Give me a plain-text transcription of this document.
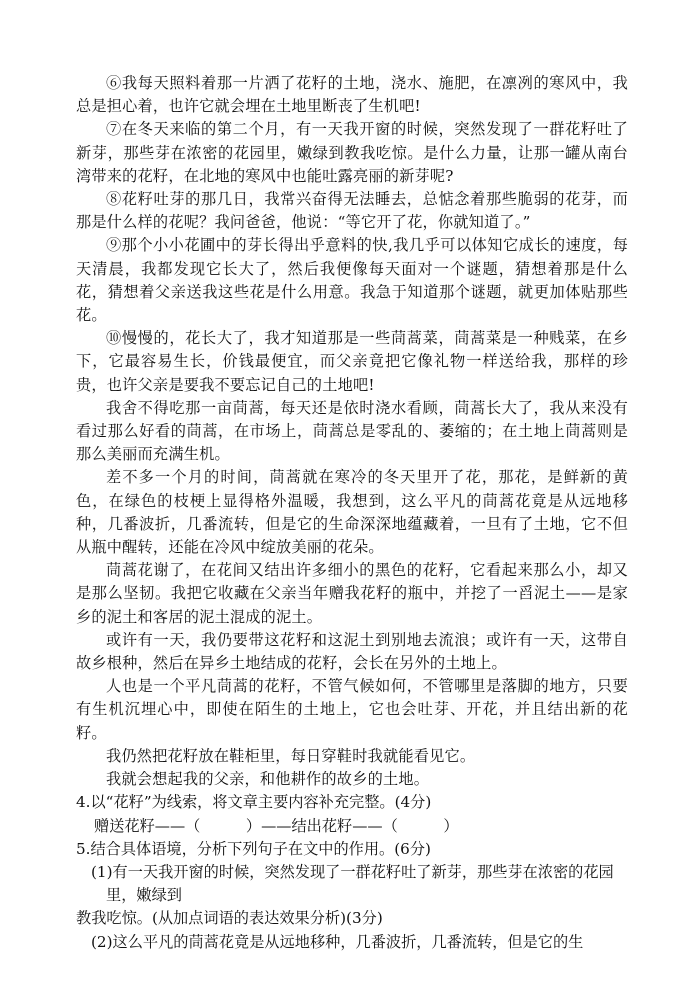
⑥我每天照料着那一片洒了花籽的土地，浇水、施肥，在凛冽的寒风中，我总是担心着，也许它就会埋在土地里断丧了生机吧!

⑦在冬天来临的第二个月，有一天我开窗的时候，突然发现了一群花籽吐了新芽，那些芽在浓密的花园里，嫩绿到教我吃惊。是什么力量，让那一罐从南台湾带来的花籽，在北地的寒风中也能吐露亮丽的新芽呢?

⑧花籽吐芽的那几日，我常兴奋得无法睡去，总惦念着那些脆弱的花芽，而那是什么样的花呢？我问爸爸，他说：“等它开了花，你就知道了。”

⑨那个小小花圃中的芽长得出乎意料的快,我几乎可以体知它成长的速度，每天清晨，我都发现它长大了，然后我便像每天面对一个谜题，猜想着那是什么花，猜想着父亲送我这些花是什么用意。我急于知道那个谜题，就更加体贴那些花。

⑩慢慢的，花长大了，我才知道那是一些茼蒿菜，茼蒿菜是一种贱菜，在乡下，它最容易生长，价钱最便宜，而父亲竟把它像礼物一样送给我，那样的珍贵，也许父亲是要我不要忘记自己的土地吧!

我舍不得吃那一亩茼蒿，每天还是依时浇水看顾，茼蒿长大了，我从来没有看过那么好看的茼蒿，在市场上，茼蒿总是零乱的、萎缩的；在土地上茼蒿则是那么美丽而充满生机。

差不多一个月的时间，茼蒿就在寒冷的冬天里开了花，那花，是鲜新的黄色，在绿色的枝梗上显得格外温暖，我想到，这么平凡的茼蒿花竟是从远地移种，几番波折，几番流转，但是它的生命深深地蕴藏着，一旦有了土地，它不但从瓶中醒转，还能在冷风中绽放美丽的花朵。

茼蒿花谢了，在花间又结出许多细小的黑色的花籽，它看起来那么小，却又是那么坚韧。我把它收藏在父亲当年赠我花籽的瓶中，并挖了一舀泥土——是家乡的泥土和客居的泥土混成的泥土。

或许有一天，我仍要带这花籽和这泥土到别地去流浪；或许有一天，这带自故乡根种，然后在异乡土地结成的花籽，会长在另外的土地上。

人也是一个平凡茼蒿的花籽，不管气候如何，不管哪里是落脚的地方，只要有生机沉埋心中，即使在陌生的土地上，它也会吐芽、开花，并且结出新的花籽。

我仍然把花籽放在鞋柜里，每日穿鞋时我就能看见它。

我就会想起我的父亲，和他耕作的故乡的土地。

4.以“花籽”为线索，将文章主要内容补充完整。(4分)

赠送花籽——（　　　）——结出花籽——（　　　）

5.结合具体语境，分析下列句子在文中的作用。(6分)

(1)有一天我开窗的时候，突然发现了一群花籽吐了新芽，那些芽在浓密的花园里，嫩绿到

教我吃惊。(从加点词语的表达效果分析)(3分)

(2)这么平凡的茼蒿花竟是从远地移种，几番波折，几番流转，但是它的生
